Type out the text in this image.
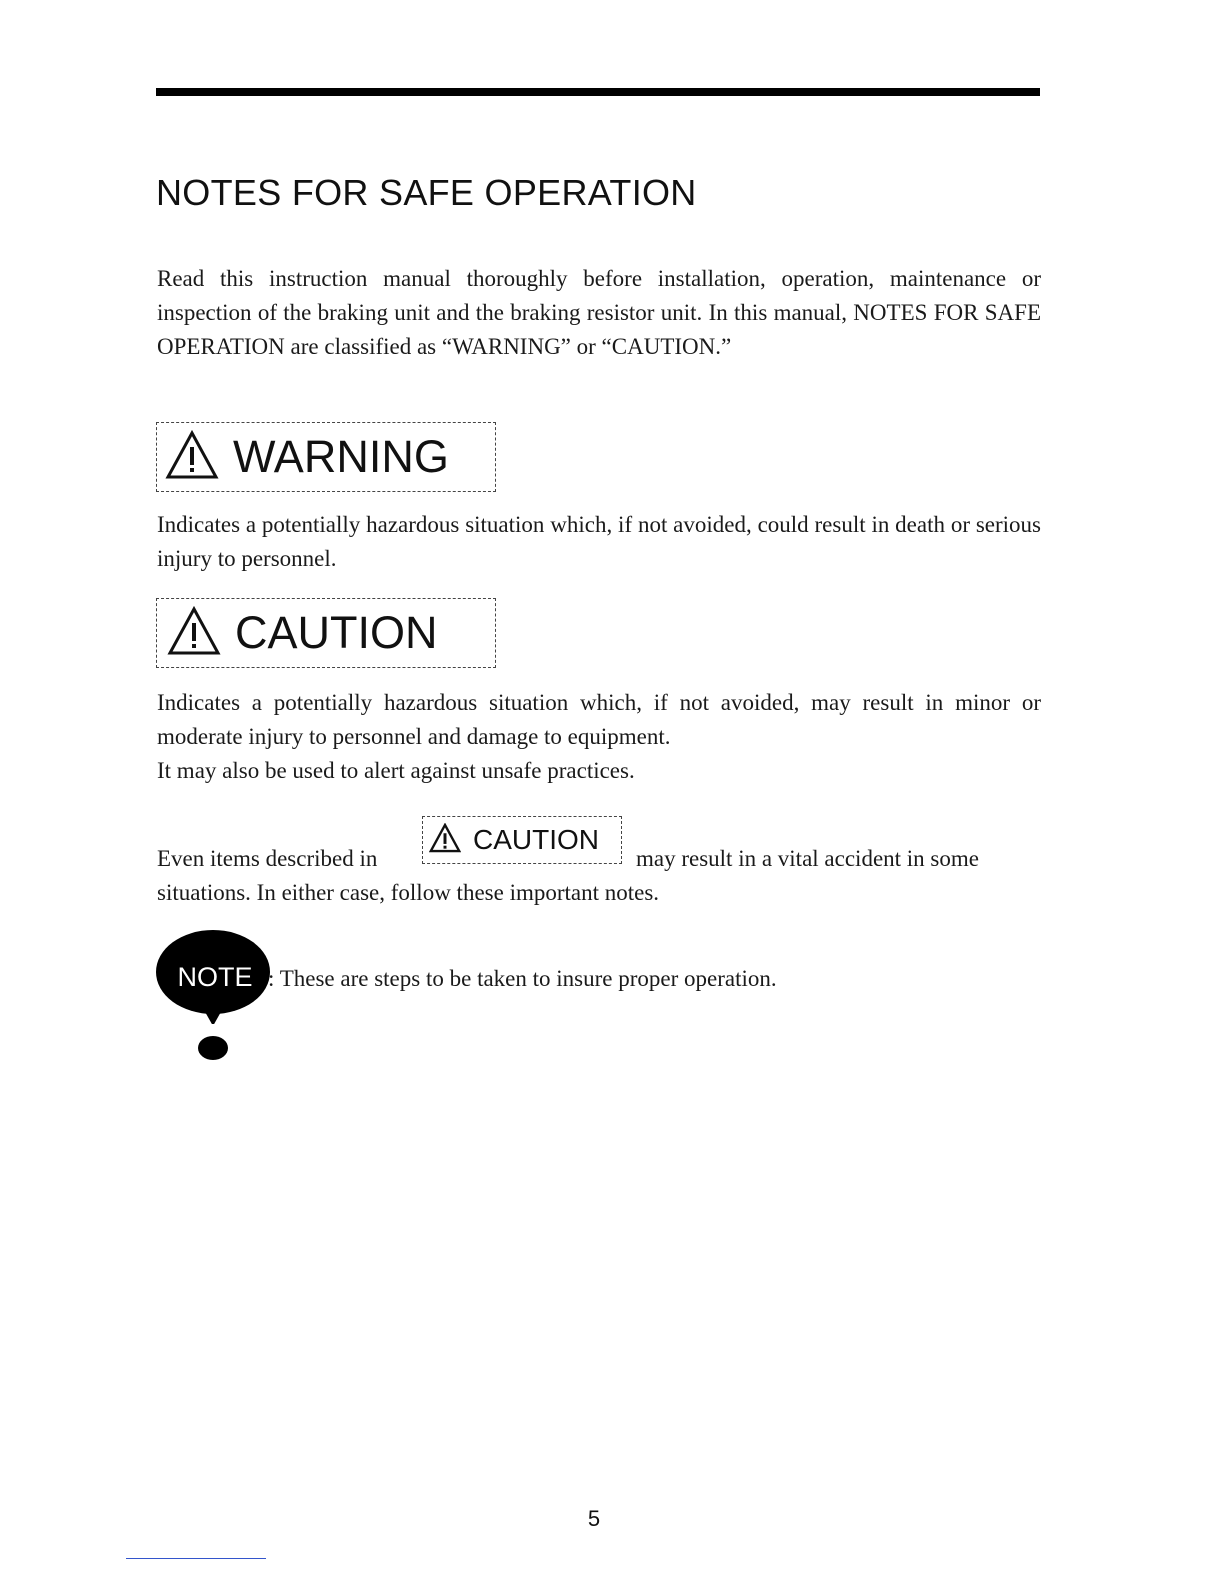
NOTES FOR SAFE OPERATION

Read this instruction manual thoroughly before installation, operation, maintenance or inspection of the braking unit and the braking resistor unit. In this manual, NOTES FOR SAFE OPERATION are classified as “WARNING” or “CAUTION.”

WARNING

Indicates a potentially hazardous situation which, if not avoided, could result in death or serious injury to personnel.

CAUTION

Indicates a potentially hazardous situation which, if not avoided, may result in minor or moderate injury to personnel and damage to equipment.
It may also be used to alert against unsafe practices.

Even items described in
CAUTION
may result in a vital accident in some

situations. In either case, follow these important notes.

NOTE : These are steps to be taken to insure proper operation.

5
